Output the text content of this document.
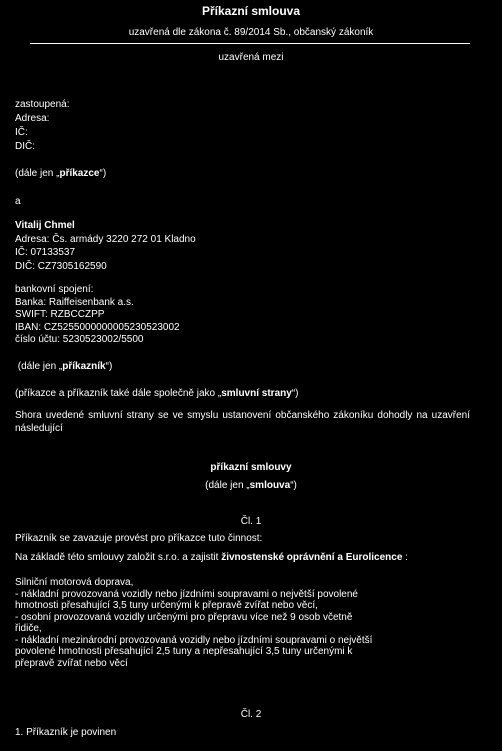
Příkazní smlouva
uzavřená dle zákona č. 89/2014 Sb., občanský zákoník
uzavřená mezi
zastoupená:
Adresa:
IČ:
DIČ:
(dále jen „příkazce“)
a
Vitalij Chmel
Adresa: Čs. armády 3220 272 01 Kladno
IČ: 07133537
DIČ: CZ7305162590
bankovní spojení:
Banka: Raiffeisenbank a.s.
SWIFT: RZBCCZPP
IBAN: CZ5255000000005230523002
číslo účtu: 5230523002/5500
(dále jen „příkazník“)
(příkazce a příkazník také dále společně jako „smluvní strany“)
Shora uvedené smluvní strany se ve smyslu ustanovení občanského zákoníku dohodly na uzavření následující
příkazní smlouvy
(dále jen „smlouva“)
Čl. 1
Příkazník se zavazuje provést pro příkazce tuto činnost:
Na základě této smlouvy založit s.r.o. a zajistit živnostenské oprávnění a Eurolicence :
Silniční motorová doprava,
- nákladní provozovaná vozidly nebo jízdními soupravami o největší povolené
hmotnosti přesahující 3,5 tuny určenými k přepravě zvířat nebo věcí,
- osobní provozovaná vozidly určenými pro přepravu více než 9 osob včetně
řidiče,
- nákladní mezinárodní provozovaná vozidly nebo jízdními soupravami o největší
povolené hmotnosti přesahující 2,5 tuny a nepřesahující 3,5 tuny určenými k
přepravě zvířat nebo věcí
Čl. 2
1. Příkazník je povinen
